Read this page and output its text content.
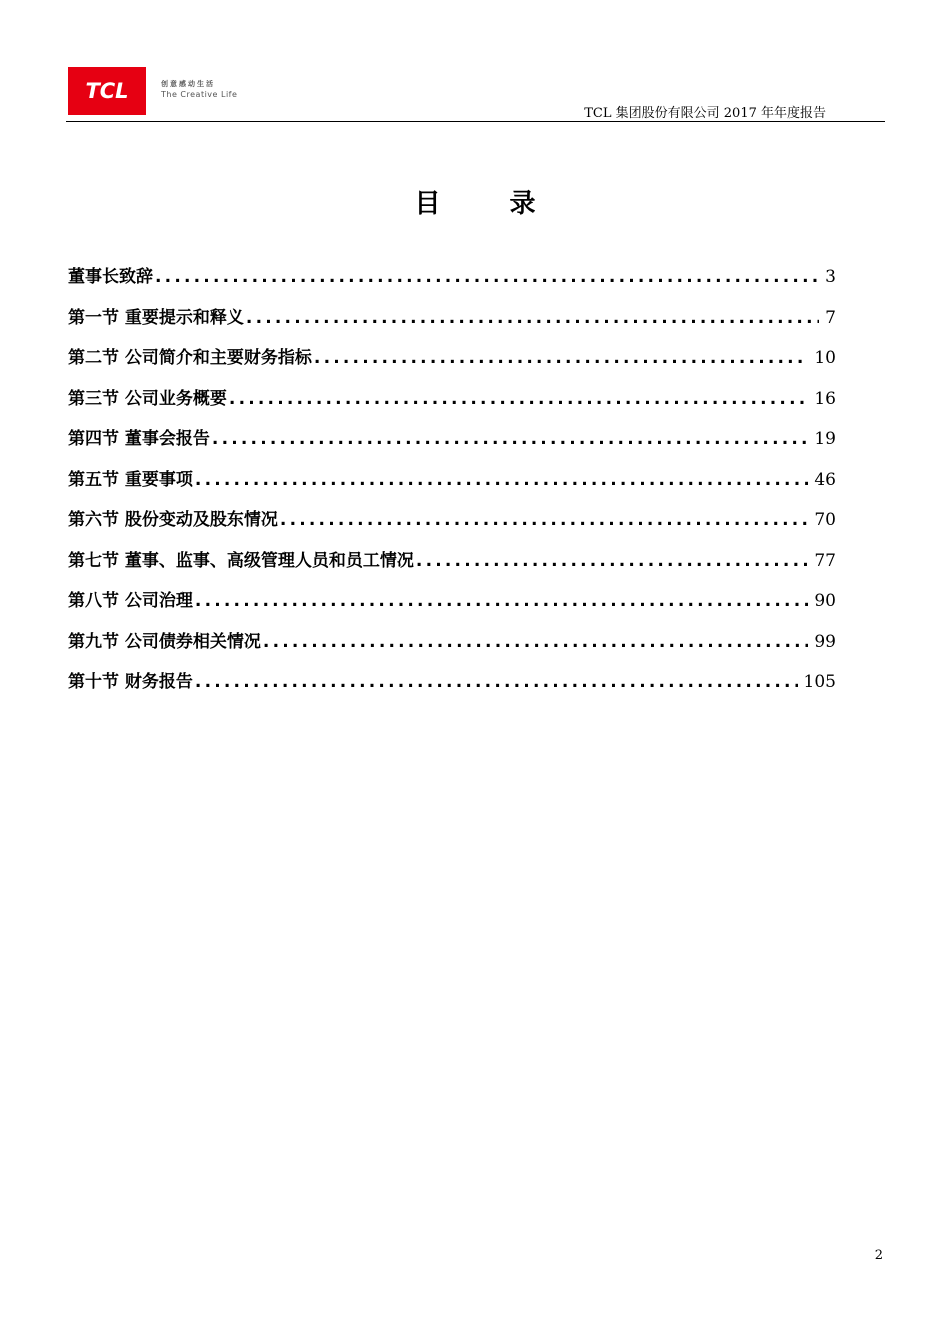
TCL	创意感动生活
The Creative Life
TCL 集团股份有限公司 2017 年年度报告
目 录
董事长致辞 .....	3
第一节 重要提示和释义 .....	7
第二节 公司简介和主要财务指标 .....	10
第三节 公司业务概要 .....	16
第四节 董事会报告 .....	19
第五节 重要事项 .....	46
第六节 股份变动及股东情况 .....	70
第七节 董事、监事、高级管理人员和员工情况 .....	77
第八节 公司治理 .....	90
第九节 公司债券相关情况 .....	99
第十节 财务报告 .....	105
2
